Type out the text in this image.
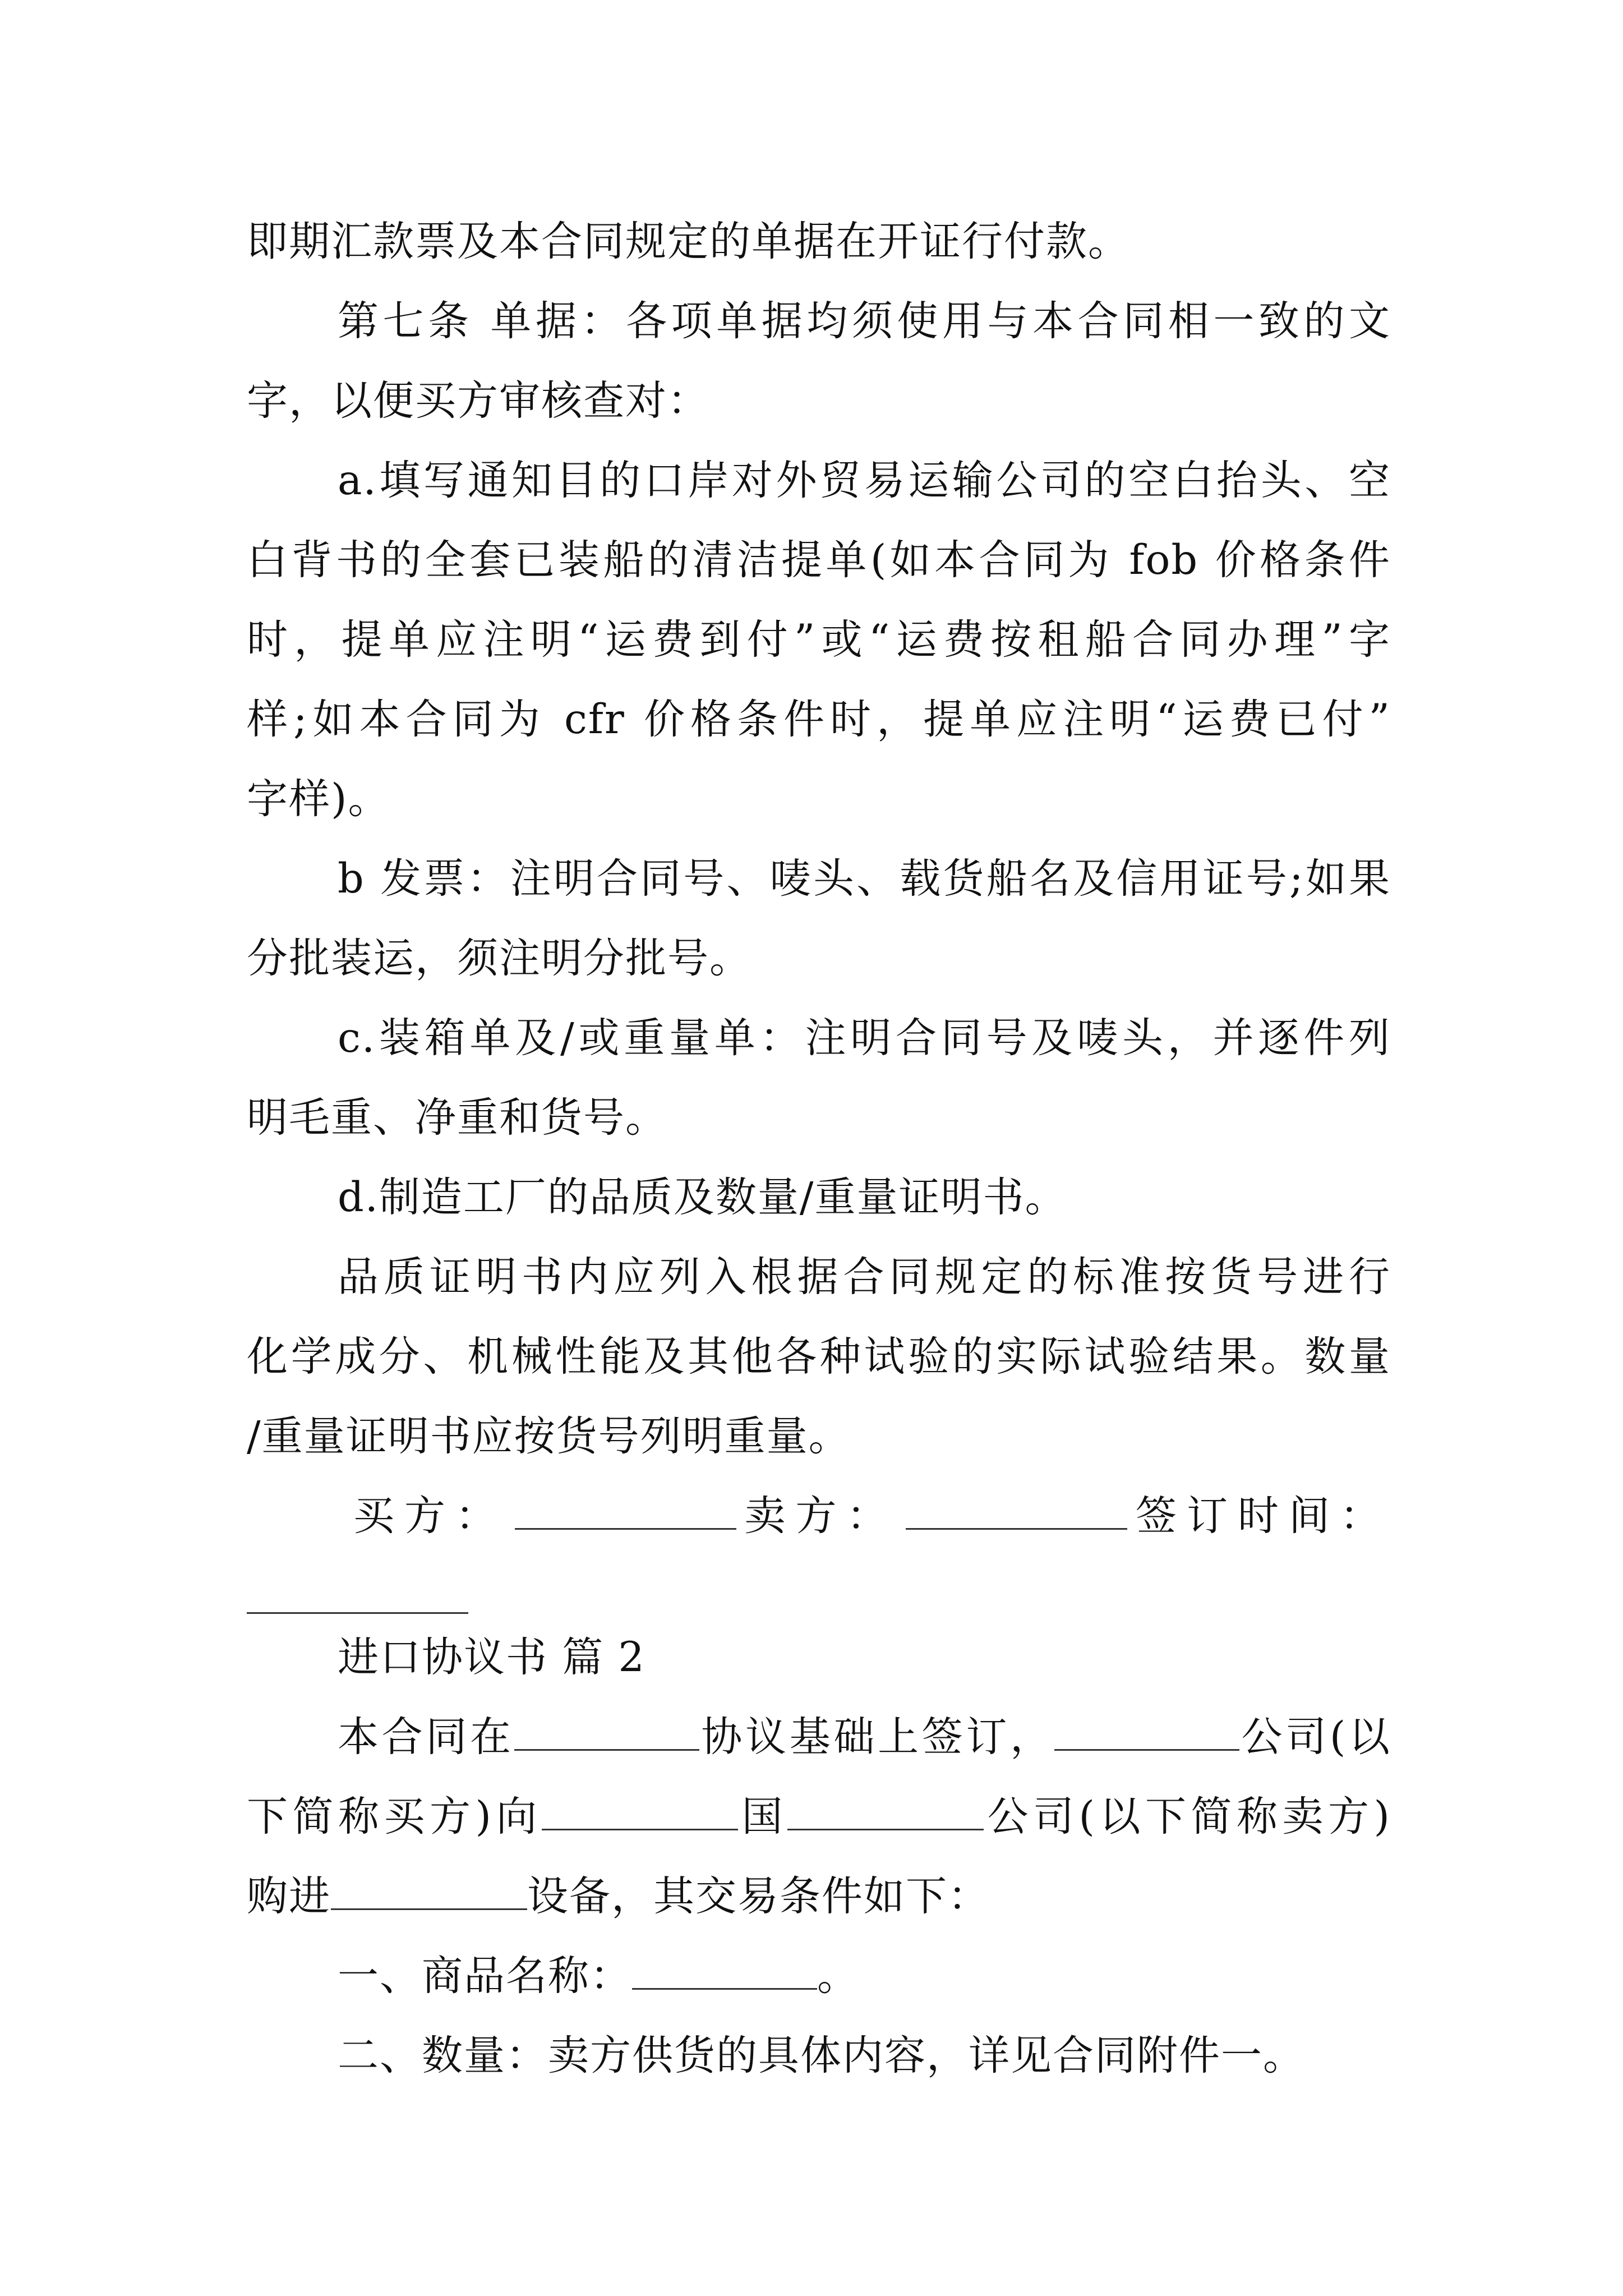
即期汇款票及本合同规定的单据在开证行付款。
第七条 单据：各项单据均须使用与本合同相一致的文
字，以便买方审核查对：
a.填写通知目的口岸对外贸易运输公司的空白抬头、空
白背书的全套已装船的清洁提单(如本合同为 fob 价格条件
时，提单应注明“运费到付”或“运费按租船合同办理”字
样;如本合同为 cfr 价格条件时，提单应注明“运费已付”
字样)。
b 发票：注明合同号、唛头、载货船名及信用证号;如果
分批装运，须注明分批号。
c.装箱单及/或重量单：注明合同号及唛头，并逐件列
明毛重、净重和货号。
d.制造工厂的品质及数量/重量证明书。
品质证明书内应列入根据合同规定的标准按货号进行
化学成分、机械性能及其他各种试验的实际试验结果。数量
/重量证明书应按货号列明重量。
买方：	卖方：	签订时间：
进口协议书 篇 2
本合同在	协议基础上签订，	公司(以
下简称买方)向	国	公司(以下简称卖方)
购进	设备，其交易条件如下：
一、商品名称：	。
二、数量：卖方供货的具体内容，详见合同附件一。
